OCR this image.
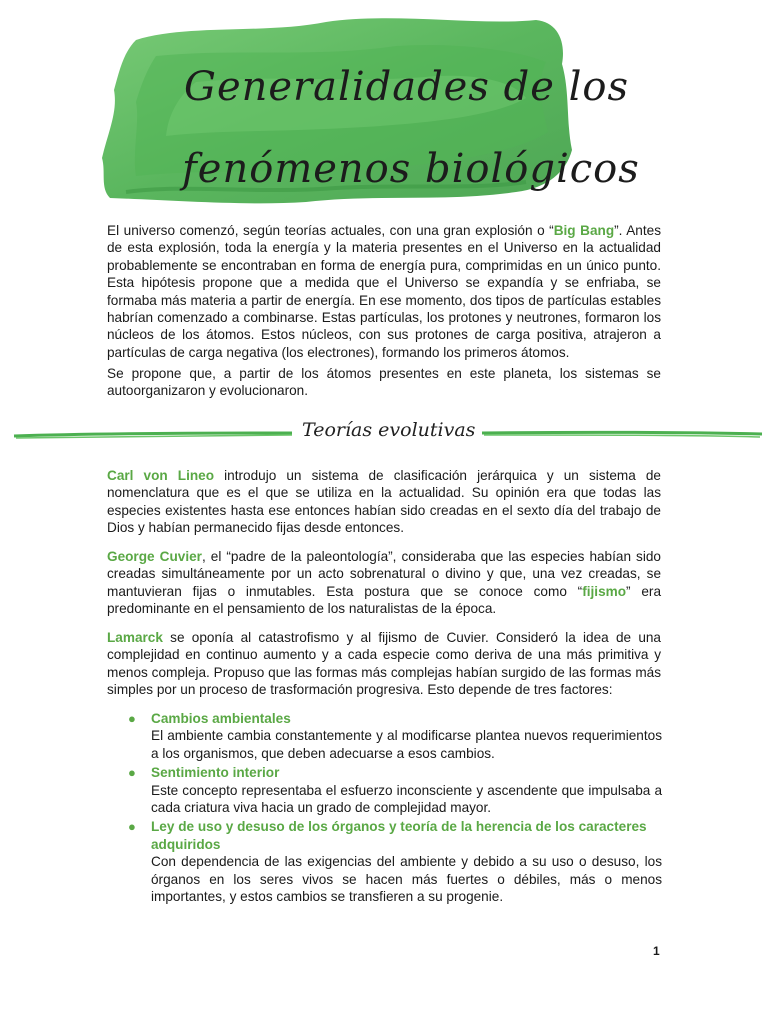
Generalidades de los
fenómenos biológicos
El universo comenzó, según teorías actuales, con una gran explosión o “Big Bang”. Antes de esta explosión, toda la energía y la materia presentes en el Universo en la actualidad probablemente se encontraban en forma de energía pura, comprimidas en un único punto. Esta hipótesis propone que a medida que el Universo se expandía y se enfriaba, se formaba más materia a partir de energía. En ese momento, dos tipos de partículas estables habrían comenzado a combinarse. Estas partículas, los protones y neutrones, formaron los núcleos de los átomos. Estos núcleos, con sus protones de carga positiva, atrajeron a partículas de carga negativa (los electrones), formando los primeros átomos.
Se propone que, a partir de los átomos presentes en este planeta, los sistemas se autoorganizaron y evolucionaron.
Teorías evolutivas
Carl von Lineo introdujo un sistema de clasificación jerárquica y un sistema de nomenclatura que es el que se utiliza en la actualidad. Su opinión era que todas las especies existentes hasta ese entonces habían sido creadas en el sexto día del trabajo de Dios y habían permanecido fijas desde entonces.
George Cuvier, el “padre de la paleontología”, consideraba que las especies habían sido creadas simultáneamente por un acto sobrenatural o divino y que, una vez creadas, se mantuvieran fijas o inmutables. Esta postura que se conoce como “fijismo” era predominante en el pensamiento de los naturalistas de la época.
Lamarck se oponía al catastrofismo y al fijismo de Cuvier. Consideró la idea de una complejidad en continuo aumento y a cada especie como deriva de una más primitiva y menos compleja. Propuso que las formas más complejas habían surgido de las formas más simples por un proceso de trasformación progresiva. Esto depende de tres factores:
● Cambios ambientales
El ambiente cambia constantemente y al modificarse plantea nuevos requerimientos a los organismos, que deben adecuarse a esos cambios.
● Sentimiento interior
Este concepto representaba el esfuerzo inconsciente y ascendente que impulsaba a cada criatura viva hacia un grado de complejidad mayor.
● Ley de uso y desuso de los órganos y teoría de la herencia de los caracteres adquiridos
Con dependencia de las exigencias del ambiente y debido a su uso o desuso, los órganos en los seres vivos se hacen más fuertes o débiles, más o menos importantes, y estos cambios se transfieren a su progenie.
1
